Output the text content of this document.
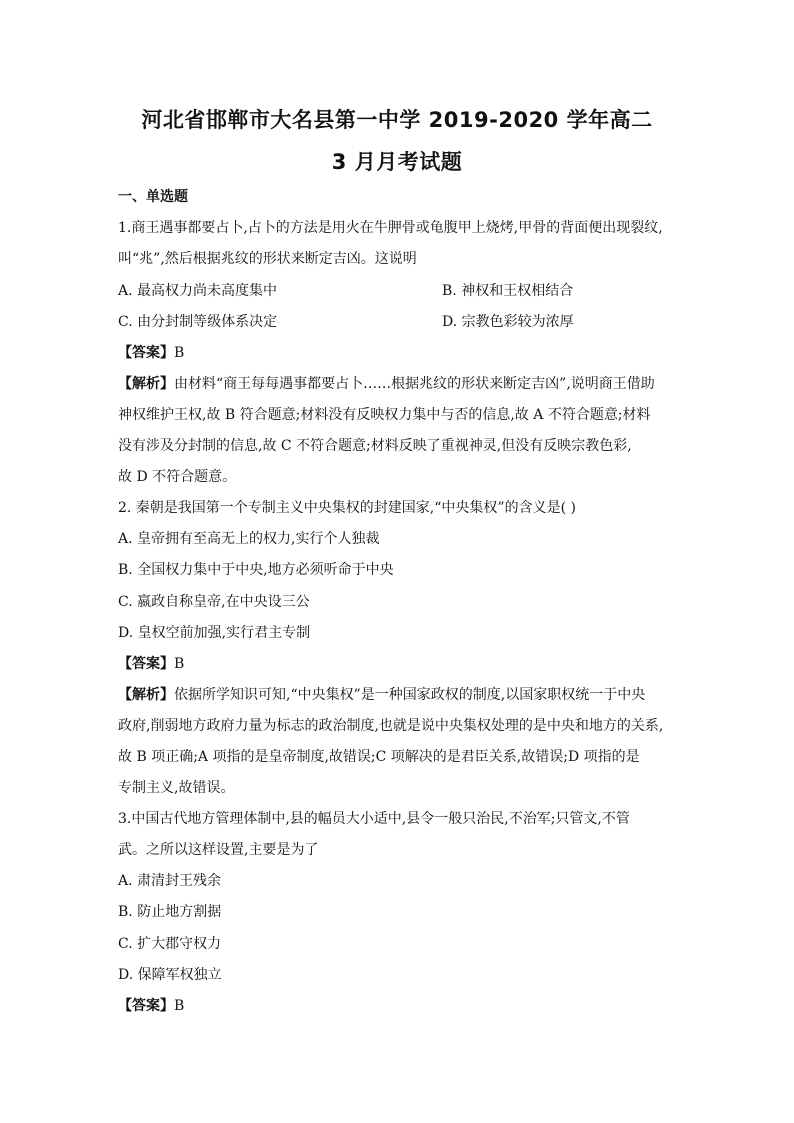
河北省邯郸市大名县第一中学 2019-2020 学年高二
3 月月考试题
一、单选题
1.商王遇事都要占卜,占卜的方法是用火在牛胛骨或龟腹甲上烧烤,甲骨的背面便出现裂纹,
叫“兆”,然后根据兆纹的形状来断定吉凶。这说明
A. 最高权力尚未高度集中	B. 神权和王权相结合
C. 由分封制等级体系决定	D. 宗教色彩较为浓厚
【答案】B
【解析】由材料“商王每每遇事都要占卜……根据兆纹的形状来断定吉凶”,说明商王借助
神权维护王权,故 B 符合题意;材料没有反映权力集中与否的信息,故 A 不符合题意;材料
没有涉及分封制的信息,故 C 不符合题意;材料反映了重视神灵,但没有反映宗教色彩,
故 D 不符合题意。
2. 秦朝是我国第一个专制主义中央集权的封建国家,“中央集权”的含义是( )
A. 皇帝拥有至高无上的权力,实行个人独裁
B. 全国权力集中于中央,地方必须听命于中央
C. 嬴政自称皇帝,在中央设三公
D. 皇权空前加强,实行君主专制
【答案】B
【解析】依据所学知识可知,“中央集权”是一种国家政权的制度,以国家职权统一于中央
政府,削弱地方政府力量为标志的政治制度,也就是说中央集权处理的是中央和地方的关系,
故 B 项正确;A 项指的是皇帝制度,故错误;C 项解决的是君臣关系,故错误;D 项指的是
专制主义,故错误。
3.中国古代地方管理体制中,县的幅员大小适中,县令一般只治民,不治军;只管文,不管
武。之所以这样设置,主要是为了
A. 肃清封王残余
B. 防止地方割据
C. 扩大郡守权力
D. 保障军权独立
【答案】B
